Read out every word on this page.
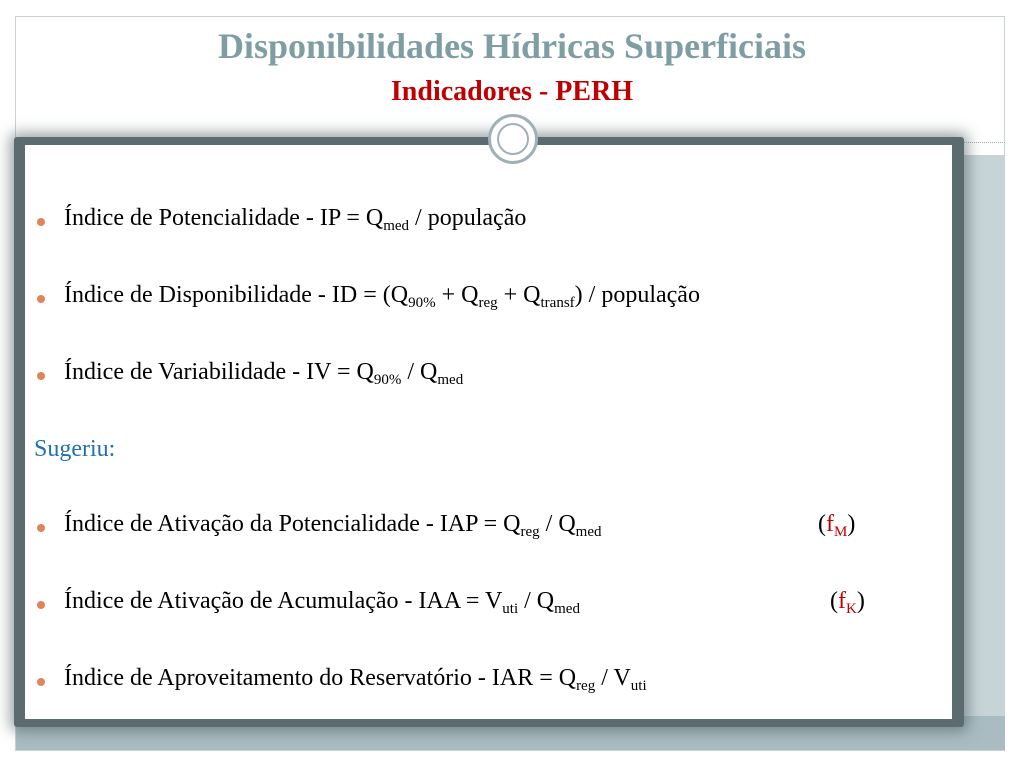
Disponibilidades Hídricas Superficiais
Indicadores - PERH
Índice de Potencialidade - IP = $Q_{med}$ / população
Índice de Disponibilidade - ID = $(Q_{90\%} + Q_{reg} + Q_{transf})$ / população
Índice de Variabilidade - IV = $Q_{90\%} / Q_{med}$
Sugeriu:
Índice de Ativação da Potencialidade - IAP = $Q_{reg} / Q_{med}$	$(f_M)$
Índice de Ativação de Acumulação - IAA = $V_{uti} / Q_{med}$	$(f_K)$
Índice de Aproveitamento do Reservatório - IAR = $Q_{reg} / V_{uti}$
